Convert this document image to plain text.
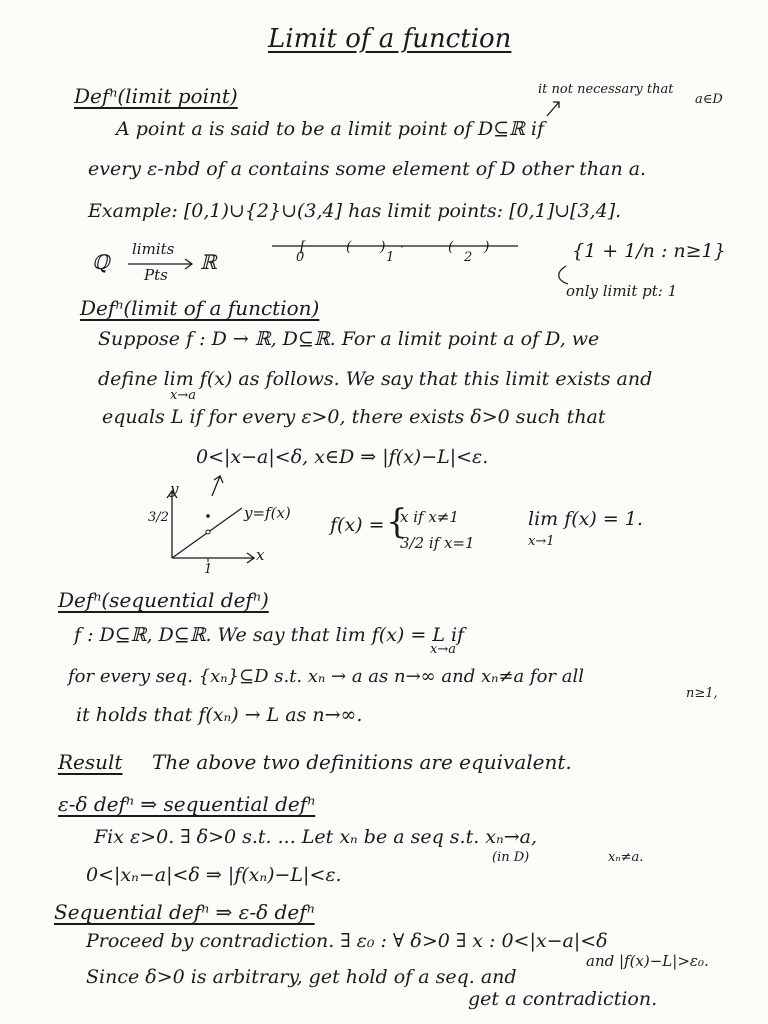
Limit of a function
Defⁿ(limit point)	it not necessary that
a∈D
A point a is said to be a limit point of D⊆ℝ if
every ε-nbd of a contains some element of D other than a.
Example: [0,1)∪{2}∪(3,4] has limit points: [0,1]∪[3,4].
ℚ
limits
Pts
ℝ
[	( ) ·	( )
0	1	2	{1 + 1/n : n≥1}
only limit pt: 1
Defⁿ(limit of a function)
Suppose f : D → ℝ, D⊆ℝ. For a limit point a of D, we
define lim f(x) as follows. We say that this limit exists and
x→a
equals L if for every ε>0, there exists δ>0 such that
0<|x−a|<δ, x∈D ⇒ |f(x)−L|<ε.
y
x
3/2
1
y=f(x)
f(x) = {
x if x≠1
3/2 if x=1
lim f(x) = 1.
x→1
Defⁿ(sequential defⁿ)
f : D⊆ℝ, D⊆ℝ. We say that lim f(x) = L if
x→a
for every seq. {xₙ}⊆D s.t. xₙ → a as n→∞ and xₙ≠a for all
n≥1,
it holds that f(xₙ) → L as n→∞.
Result The above two definitions are equivalent.
ε-δ defⁿ ⇒ sequential defⁿ
Fix ε>0. ∃ δ>0 s.t. ... Let xₙ be a seq s.t. xₙ→a,
(in D)	xₙ≠a.
0<|xₙ−a|<δ ⇒ |f(xₙ)−L|<ε.
Sequential defⁿ ⇒ ε-δ defⁿ
Proceed by contradiction. ∃ ε₀ : ∀ δ>0 ∃ x : 0<|x−a|<δ
and |f(x)−L|>ε₀.
Since δ>0 is arbitrary, get hold of a seq. and
get a contradiction.
